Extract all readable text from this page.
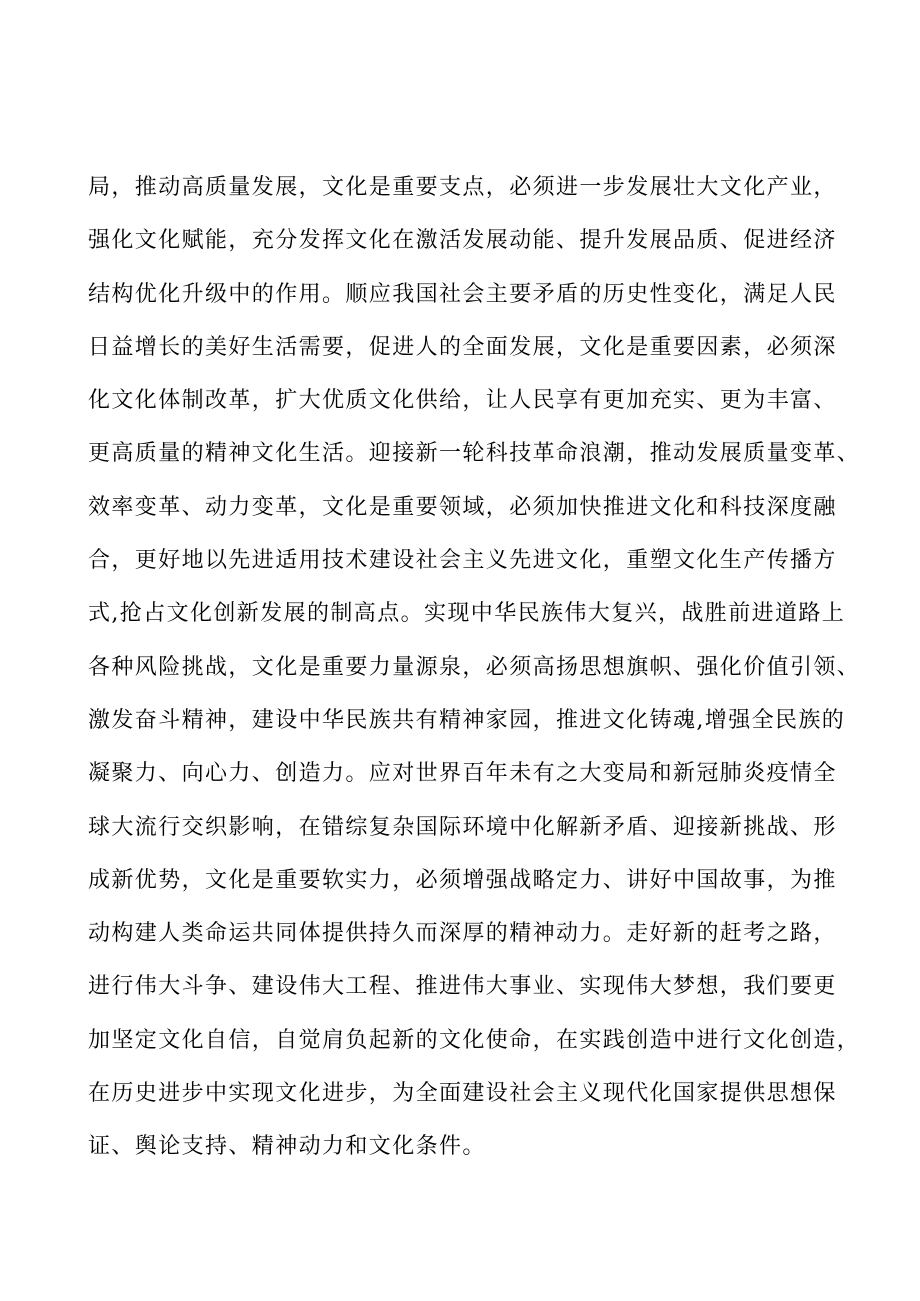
局，推动高质量发展，文化是重要支点，必须进一步发展壮大文化产业，
强化文化赋能，充分发挥文化在激活发展动能、提升发展品质、促进经济
结构优化升级中的作用。顺应我国社会主要矛盾的历史性变化，满足人民
日益增长的美好生活需要，促进人的全面发展，文化是重要因素，必须深
化文化体制改革，扩大优质文化供给，让人民享有更加充实、更为丰富、
更高质量的精神文化生活。迎接新一轮科技革命浪潮，推动发展质量变革、
效率变革、动力变革，文化是重要领域，必须加快推进文化和科技深度融
合，更好地以先进适用技术建设社会主义先进文化，重塑文化生产传播方
式,抢占文化创新发展的制高点。实现中华民族伟大复兴，战胜前进道路上
各种风险挑战，文化是重要力量源泉，必须高扬思想旗帜、强化价值引领、
激发奋斗精神，建设中华民族共有精神家园，推进文化铸魂,增强全民族的
凝聚力、向心力、创造力。应对世界百年未有之大变局和新冠肺炎疫情全
球大流行交织影响，在错综复杂国际环境中化解新矛盾、迎接新挑战、形
成新优势，文化是重要软实力，必须增强战略定力、讲好中国故事，为推
动构建人类命运共同体提供持久而深厚的精神动力。走好新的赶考之路，
进行伟大斗争、建设伟大工程、推进伟大事业、实现伟大梦想，我们要更
加坚定文化自信，自觉肩负起新的文化使命，在实践创造中进行文化创造，
在历史进步中实现文化进步，为全面建设社会主义现代化国家提供思想保
证、舆论支持、精神动力和文化条件。
